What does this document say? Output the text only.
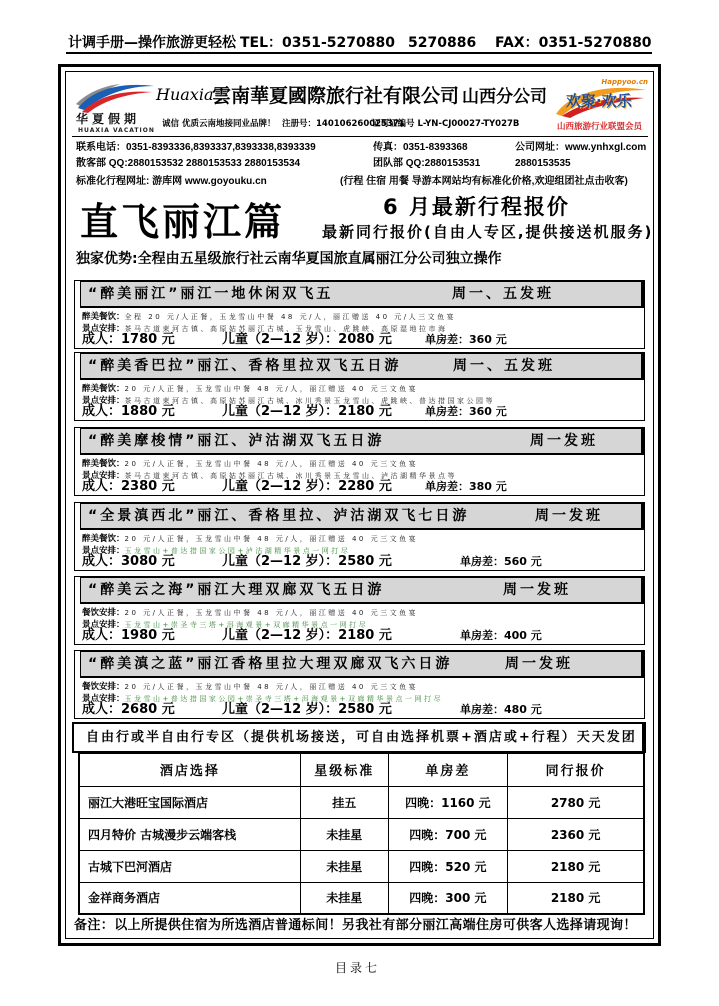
计调手册—操作旅游更轻松 TEL：0351-5270880 5270886 FAX：0351-5270880
华夏假期
HUAXIA VACATION
Huaxia
雲南華夏國際旅行社有限公司 山西分公司
诚信 优质云南地接同业品牌！ 注册号：140106260025371
证可证编号 L-YN-CJ00027-TY027B
Happyoo.cn
欢聚·欢乐
山西旅游行业联盟会员
联系电话：0351-8393336,8393337,8393338,8393339	传真：0351-8393368	公司网址：www.ynhxgl.com
散客部 QQ:2880153532 2880153533 2880153534	团队部 QQ:2880153531	2880153535
标准化行程网址: 游库网 www.goyouku.cn	(行程 住宿 用餐 导游本网站均有标准化价格,欢迎组团社点击收客)
直飞丽江篇	6 月最新行程报价
最新同行报价(自由人专区,提供接送机服务)
独家优势:全程由五星级旅行社云南华夏国旅直属丽江分公司独立操作
“醉美丽江”丽江一地休闲双飞五	周一、五发班
醉美餐饮：全程 20 元/人正餐，玉龙雪山中餐 48 元/人，丽江赠送 40 元/人三文鱼宴
景点安排：茶马古道束河古镇、高原姑苏丽江古城、玉龙雪山、虎跳峡、高原湿地拉市海
成人：1780 元	儿童（2—12 岁）：2080 元	单房差：360 元
“醉美香巴拉”丽江、香格里拉双飞五日游	周一、五发班
醉美餐饮：20 元/人正餐，玉龙雪山中餐 48 元/人，丽江赠送 40 元三文鱼宴
景点安排：茶马古道束河古镇、高原姑苏丽江古城、冰川秀景玉龙雪山、虎跳峡、普达措国家公园等
成人：1880 元	儿童（2—12 岁）：2180 元	单房差：360 元
“醉美摩梭情”丽江、泸沽湖双飞五日游	周一发班
醉美餐饮：20 元/人正餐，玉龙雪山中餐 48 元/人，丽江赠送 40 元三文鱼宴
景点安排：茶马古道束河古镇、高原姑苏丽江古城、冰川秀景玉龙雪山、泸沽湖精华景点等
成人：2380 元	儿童（2—12 岁）：2280 元	单房差：380 元
“全景滇西北”丽江、香格里拉、泸沽湖双飞七日游	周一发班
醉美餐饮：20 元/人正餐，玉龙雪山中餐 48 元/人，丽江赠送 40 元三文鱼宴
景点安排：玉龙雪山+普达措国家公园+泸沽湖精华景点一网打尽
成人：3080 元	儿童（2—12 岁）：2580 元	单房差：560 元
“醉美云之海”丽江大理双廊双飞五日游	周一发班
餐饮安排：20 元/人正餐，玉龙雪山中餐 48 元/人，丽江赠送 40 元三文鱼宴
景点安排：玉龙雪山+崇圣寺三塔+洱海观景+双廊精华景点一网打尽
成人：1980 元	儿童（2—12 岁）：2180 元	单房差：400 元
“醉美滇之蓝”丽江香格里拉大理双廊双飞六日游	周一发班
餐饮安排：20 元/人正餐，玉龙雪山中餐 48 元/人，丽江赠送 40 元三文鱼宴
景点安排：玉龙雪山+普达措国家公园+崇圣寺三塔+洱海观景+双廊精华景点一网打尽
成人：2680 元	儿童（2—12 岁）：2580 元	单房差：480 元
自由行或半自由行专区（提供机场接送，可自由选择机票+酒店或+行程）天天发团
酒店选择	星级标准	单房差	同行报价
丽江大港旺宝国际酒店	挂五	四晚：1160 元	2780 元
四月特价 古城漫步云端客栈	未挂星	四晚：700 元	2360 元
古城下巴河酒店	未挂星	四晚：520 元	2180 元
金祥商务酒店	未挂星	四晚：300 元	2180 元
备注：以上所提供住宿为所选酒店普通标间！另我社有部分丽江高端住房可供客人选择请现询！
目录七
